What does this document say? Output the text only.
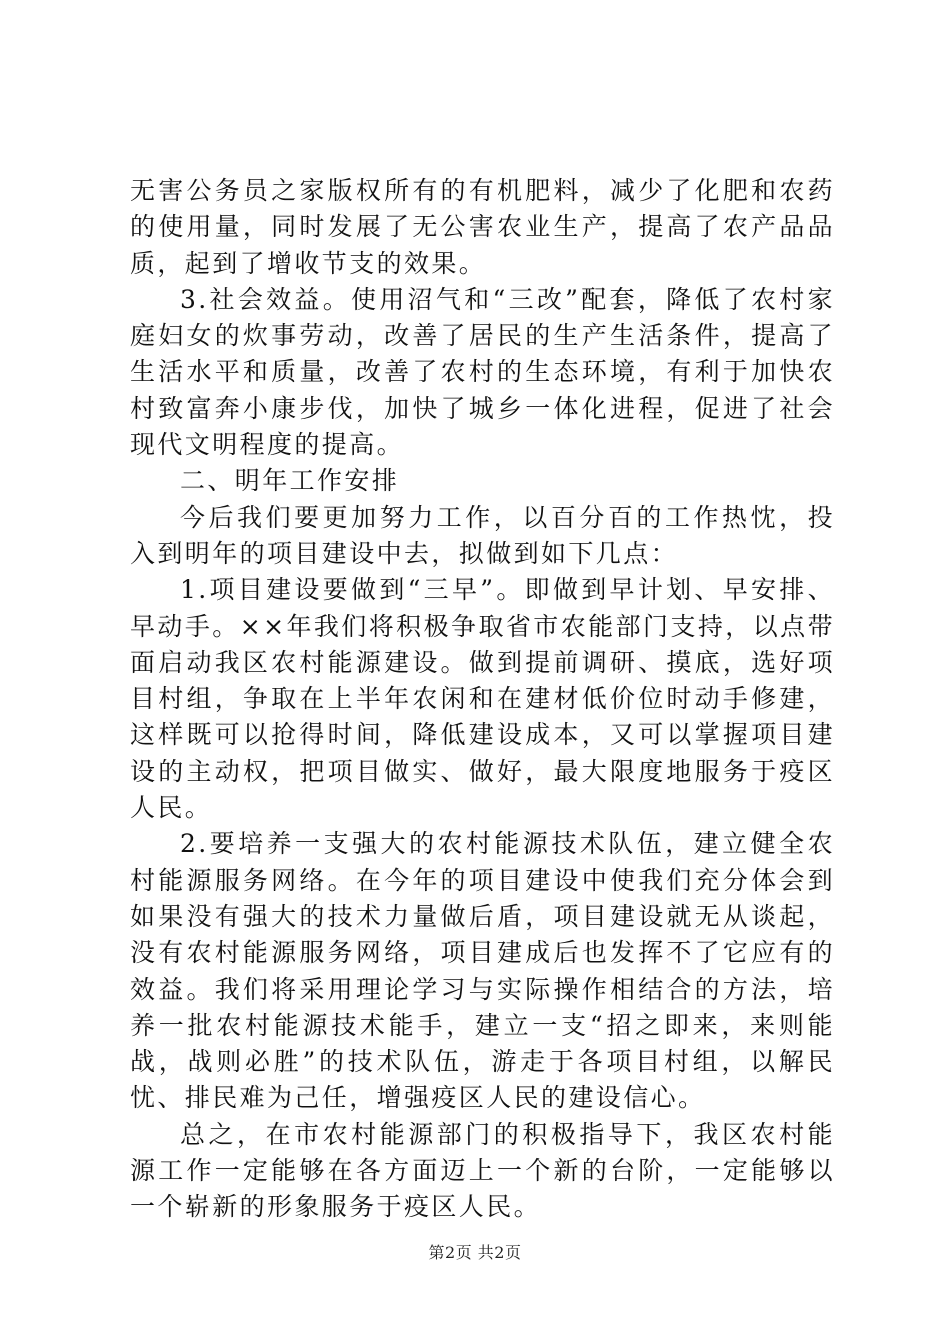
无害公务员之家版权所有的有机肥料，减少了化肥和农药的使用量，同时发展了无公害农业生产，提高了农产品品质，起到了增收节支的效果。

3.社会效益。使用沼气和“三改”配套，降低了农村家庭妇女的炊事劳动，改善了居民的生产生活条件，提高了生活水平和质量，改善了农村的生态环境，有利于加快农村致富奔小康步伐，加快了城乡一体化进程，促进了社会现代文明程度的提高。

二、明年工作安排

今后我们要更加努力工作，以百分百的工作热忱，投入到明年的项目建设中去，拟做到如下几点：

1.项目建设要做到“三早”。即做到早计划、早安排、早动手。××年我们将积极争取省市农能部门支持，以点带面启动我区农村能源建设。做到提前调研、摸底，选好项目村组，争取在上半年农闲和在建材低价位时动手修建，这样既可以抢得时间，降低建设成本，又可以掌握项目建设的主动权，把项目做实、做好，最大限度地服务于疫区人民。

2.要培养一支强大的农村能源技术队伍，建立健全农村能源服务网络。在今年的项目建设中使我们充分体会到如果没有强大的技术力量做后盾，项目建设就无从谈起，没有农村能源服务网络，项目建成后也发挥不了它应有的效益。我们将采用理论学习与实际操作相结合的方法，培养一批农村能源技术能手，建立一支“招之即来，来则能战，战则必胜”的技术队伍，游走于各项目村组，以解民忧、排民难为己任，增强疫区人民的建设信心。

总之，在市农村能源部门的积极指导下，我区农村能源工作一定能够在各方面迈上一个新的台阶，一定能够以一个崭新的形象服务于疫区人民。

第2页 共2页
